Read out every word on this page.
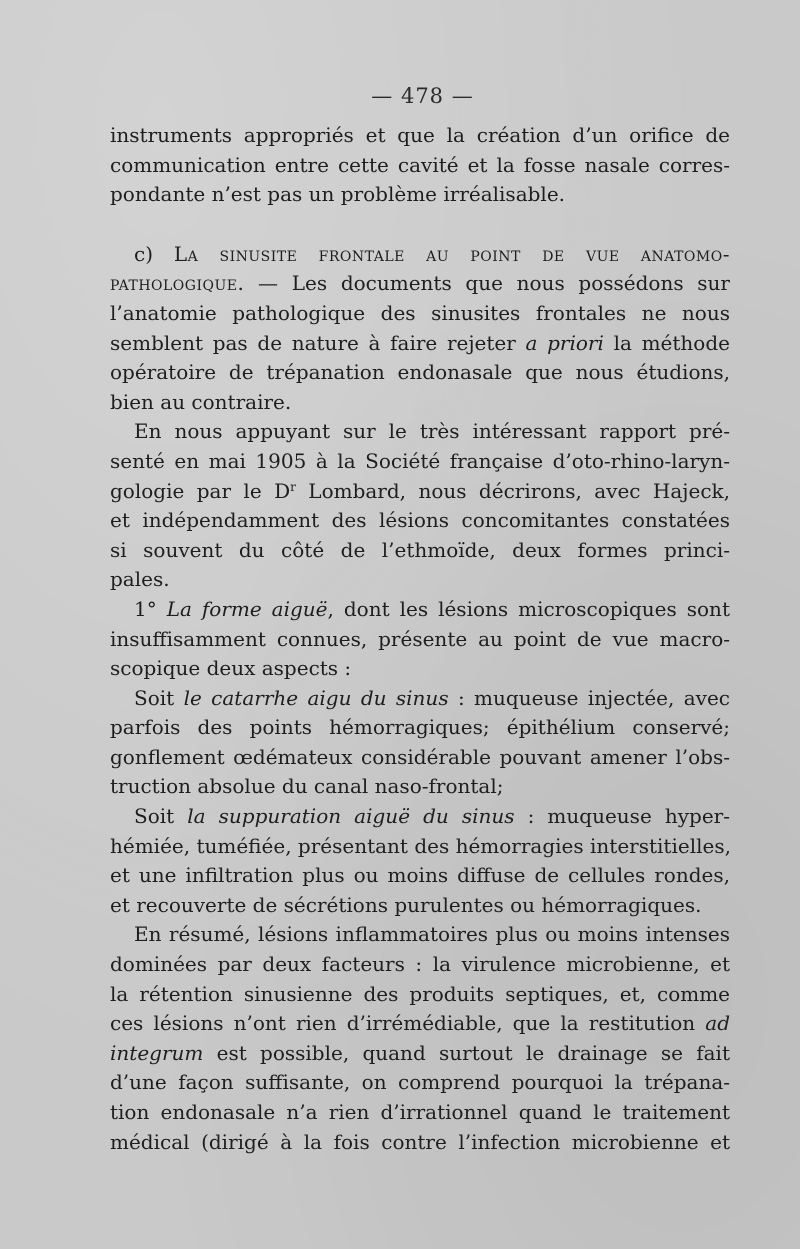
— 478 —
instruments appropriés et que la création d’un orifice de
communication entre cette cavité et la fosse nasale corres-
pondante n’est pas un problème irréalisable.
c) La sinusite frontale au point de vue anatomo-
pathologique. — Les documents que nous possédons sur
l’anatomie pathologique des sinusites frontales ne nous
semblent pas de nature à faire rejeter a priori la méthode
opératoire de trépanation endonasale que nous étudions,
bien au contraire.
En nous appuyant sur le très intéressant rapport pré-
senté en mai 1905 à la Société française d’oto-rhino-laryn-
gologie par le $D^r$ Lombard, nous décrirons, avec Hajeck,
et indépendamment des lésions concomitantes constatées
si souvent du côté de l’ethmoïde, deux formes princi-
pales.
1° La forme aiguë, dont les lésions microscopiques sont
insuffisamment connues, présente au point de vue macro-
scopique deux aspects :
Soit le catarrhe aigu du sinus : muqueuse injectée, avec
parfois des points hémorragiques; épithélium conservé;
gonflement œdémateux considérable pouvant amener l’obs-
truction absolue du canal naso-frontal;
Soit la suppuration aiguë du sinus : muqueuse hyper-
hémiée, tuméfiée, présentant des hémorragies interstitielles,
et une infiltration plus ou moins diffuse de cellules rondes,
et recouverte de sécrétions purulentes ou hémorragiques.
En résumé, lésions inflammatoires plus ou moins intenses
dominées par deux facteurs : la virulence microbienne, et
la rétention sinusienne des produits septiques, et, comme
ces lésions n’ont rien d’irrémédiable, que la restitution ad
integrum est possible, quand surtout le drainage se fait
d’une façon suffisante, on comprend pourquoi la trépana-
tion endonasale n’a rien d’irrationnel quand le traitement
médical (dirigé à la fois contre l’infection microbienne et
